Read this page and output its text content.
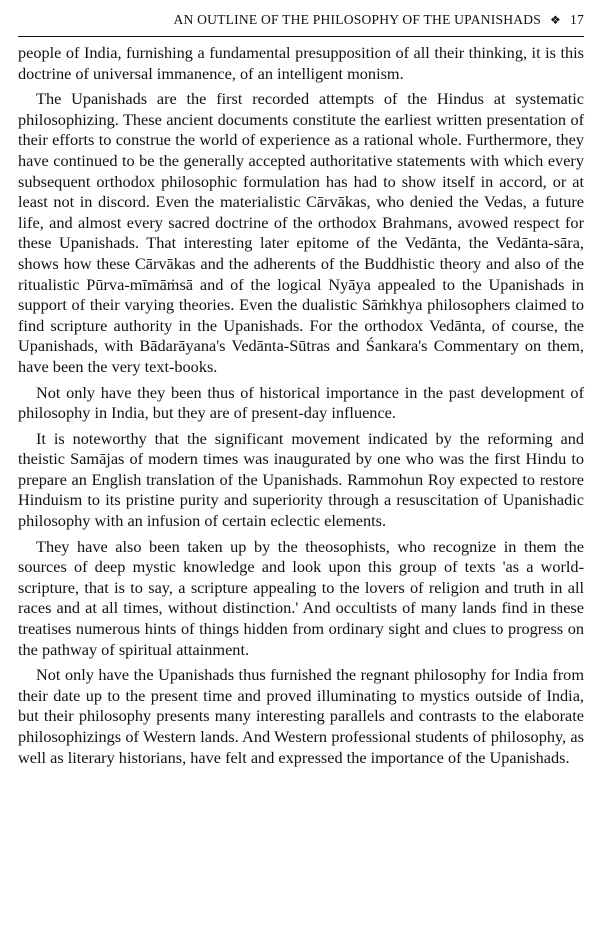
AN OUTLINE OF THE PHILOSOPHY OF THE UPANISHADS ❖ 17

people of India, furnishing a fundamental presupposition of all their thinking, it is this doctrine of universal immanence, of an intelligent monism.

The Upanishads are the first recorded attempts of the Hindus at systematic philosophizing. These ancient documents constitute the earliest written presentation of their efforts to construe the world of experience as a rational whole. Furthermore, they have continued to be the generally accepted authoritative statements with which every subsequent orthodox philosophic formulation has had to show itself in accord, or at least not in discord. Even the materialistic Cārvākas, who denied the Vedas, a future life, and almost every sacred doctrine of the orthodox Brahmans, avowed respect for these Upanishads. That interesting later epitome of the Vedānta, the Vedānta-sāra, shows how these Cārvākas and the adherents of the Buddhistic theory and also of the ritualistic Pūrva-mīmāṁsā and of the logical Nyāya appealed to the Upanishads in support of their varying theories. Even the dualistic Sāṁkhya philosophers claimed to find scripture authority in the Upanishads. For the orthodox Vedānta, of course, the Upanishads, with Bādarāyana's Vedānta-Sūtras and Śankara's Commentary on them, have been the very text-books.

Not only have they been thus of historical importance in the past development of philosophy in India, but they are of present-day influence.

It is noteworthy that the significant movement indicated by the reforming and theistic Samājas of modern times was inaugurated by one who was the first Hindu to prepare an English translation of the Upanishads. Rammohun Roy expected to restore Hinduism to its pristine purity and superiority through a resuscitation of Upanishadic philosophy with an infusion of certain eclectic elements.

They have also been taken up by the theosophists, who recognize in them the sources of deep mystic knowledge and look upon this group of texts 'as a world-scripture, that is to say, a scripture appealing to the lovers of religion and truth in all races and at all times, without distinction.' And occultists of many lands find in these treatises numerous hints of things hidden from ordinary sight and clues to progress on the pathway of spiritual attainment.

Not only have the Upanishads thus furnished the regnant philosophy for India from their date up to the present time and proved illuminating to mystics outside of India, but their philosophy presents many interesting parallels and contrasts to the elaborate philosophizings of Western lands. And Western professional students of philosophy, as well as literary historians, have felt and expressed the importance of the Upanishads.
